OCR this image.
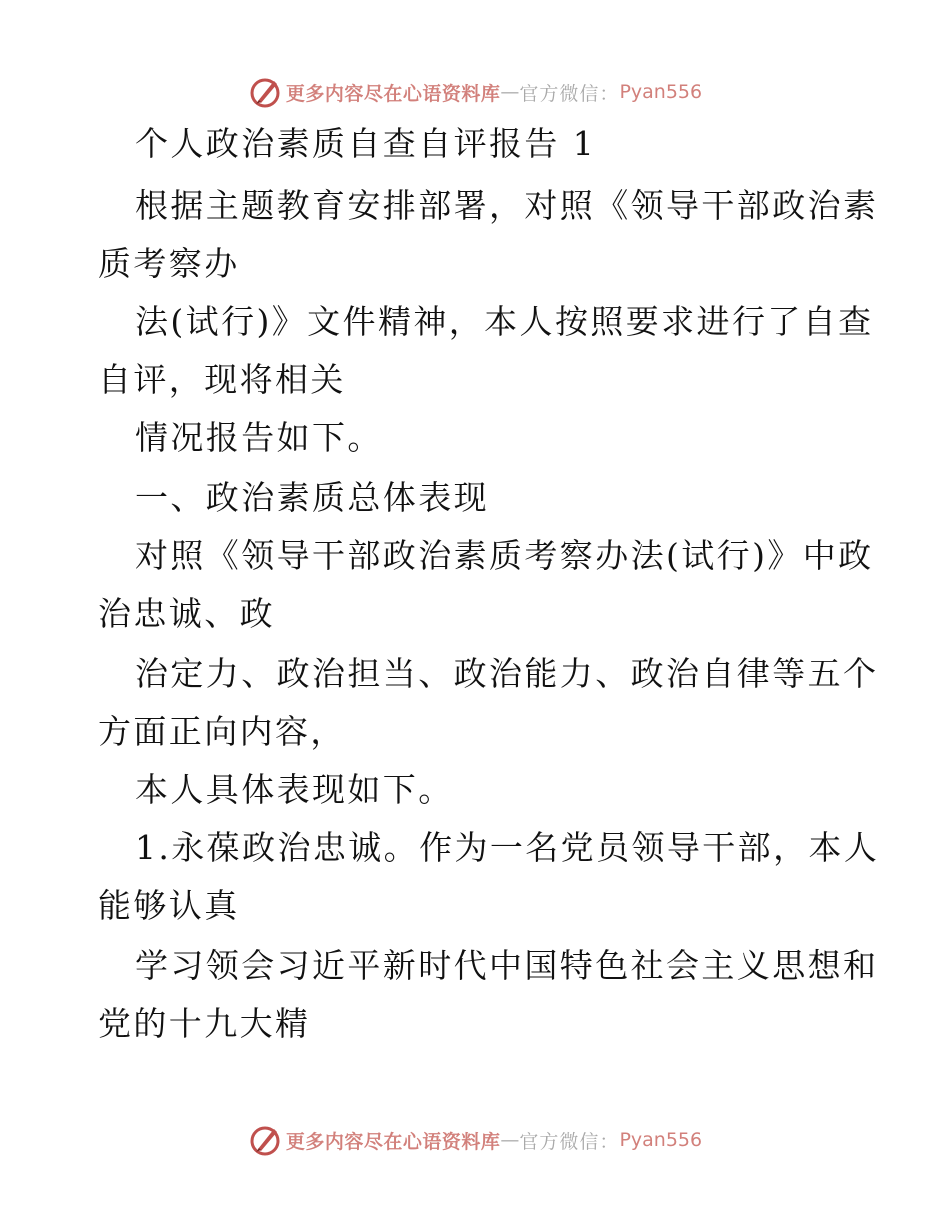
更多内容尽在心语资料库 — 官方微信： Pyan556
个人政治素质自查自评报告 1
根据主题教育安排部署，对照《领导干部政治素
质考察办
法(试行)》文件精神，本人按照要求进行了自查
自评，现将相关
情况报告如下。
一、政治素质总体表现
对照《领导干部政治素质考察办法(试行)》中政
治忠诚、政
治定力、政治担当、政治能力、政治自律等五个
方面正向内容，
本人具体表现如下。
1.永葆政治忠诚。作为一名党员领导干部，本人
能够认真
学习领会习近平新时代中国特色社会主义思想和
党的十九大精
更多内容尽在心语资料库 — 官方微信： Pyan556
